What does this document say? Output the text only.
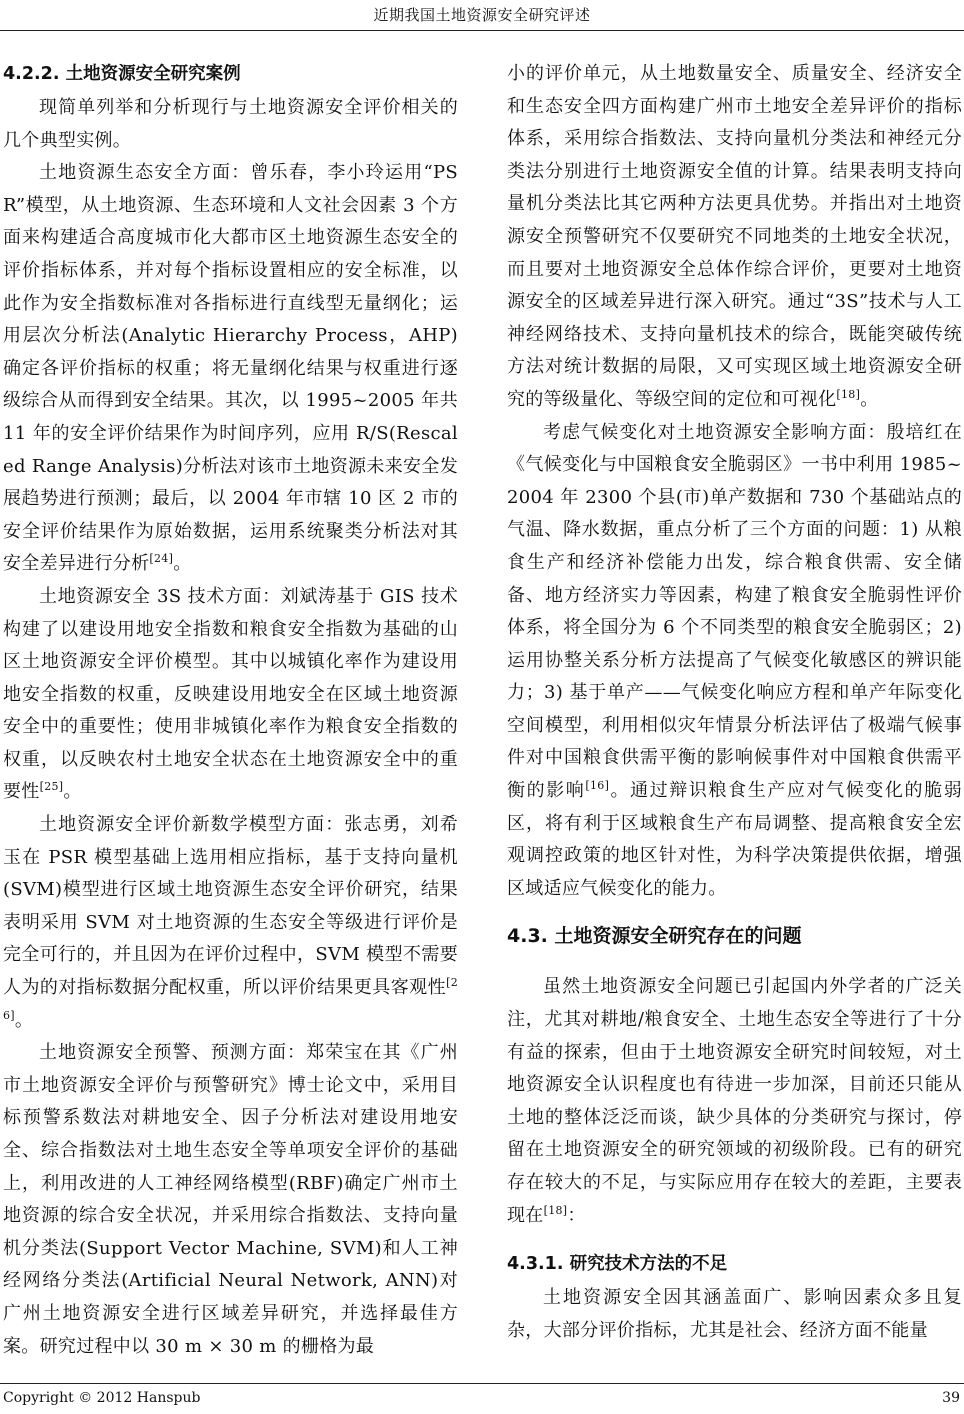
近期我国土地资源安全研究评述
4.2.2. 土地资源安全研究案例

现简单列举和分析现行与土地资源安全评价相关的几个典型实例。

土地资源生态安全方面：曾乐春，李小玲运用“PSR”模型，从土地资源、生态环境和人文社会因素 3 个方面来构建适合高度城市化大都市区土地资源生态安全的评价指标体系，并对每个指标设置相应的安全标准，以此作为安全指数标准对各指标进行直线型无量纲化；运用层次分析法(Analytic Hierarchy Process，AHP)确定各评价指标的权重；将无量纲化结果与权重进行逐级综合从而得到安全结果。其次，以 1995~2005 年共 11 年的安全评价结果作为时间序列，应用 R/S(Rescaled Range Analysis)分析法对该市土地资源未来安全发展趋势进行预测；最后，以 2004 年市辖 10 区 2 市的安全评价结果作为原始数据，运用系统聚类分析法对其安全差异进行分析[24]。

土地资源安全 3S 技术方面：刘斌涛基于 GIS 技术构建了以建设用地安全指数和粮食安全指数为基础的山区土地资源安全评价模型。其中以城镇化率作为建设用地安全指数的权重，反映建设用地安全在区域土地资源安全中的重要性；使用非城镇化率作为粮食安全指数的权重，以反映农村土地安全状态在土地资源安全中的重要性[25]。

土地资源安全评价新数学模型方面：张志勇，刘希玉在 PSR 模型基础上选用相应指标，基于支持向量机(SVM)模型进行区域土地资源生态安全评价研究，结果表明采用 SVM 对土地资源的生态安全等级进行评价是完全可行的，并且因为在评价过程中，SVM 模型不需要人为的对指标数据分配权重，所以评价结果更具客观性[26]。

土地资源安全预警、预测方面：郑荣宝在其《广州市土地资源安全评价与预警研究》博士论文中，采用目标预警系数法对耕地安全、因子分析法对建设用地安全、综合指数法对土地生态安全等单项安全评价的基础上，利用改进的人工神经网络模型(RBF)确定广州市土地资源的综合安全状况，并采用综合指数法、支持向量机分类法(Support Vector Machine, SVM)和人工神经网络分类法(Artificial Neural Network, ANN)对广州土地资源安全进行区域差异研究，并选择最佳方案。研究过程中以 30 m × 30 m 的栅格为最

小的评价单元，从土地数量安全、质量安全、经济安全和生态安全四方面构建广州市土地安全差异评价的指标体系，采用综合指数法、支持向量机分类法和神经元分类法分别进行土地资源安全值的计算。结果表明支持向量机分类法比其它两种方法更具优势。并指出对土地资源安全预警研究不仅要研究不同地类的土地安全状况，而且要对土地资源安全总体作综合评价，更要对土地资源安全的区域差异进行深入研究。通过“3S”技术与人工神经网络技术、支持向量机技术的综合，既能突破传统方法对统计数据的局限，又可实现区域土地资源安全研究的等级量化、等级空间的定位和可视化[18]。

考虑气候变化对土地资源安全影响方面：殷培红在《气候变化与中国粮食安全脆弱区》一书中利用 1985~2004 年 2300 个县(市)单产数据和 730 个基础站点的气温、降水数据，重点分析了三个方面的问题：1) 从粮食生产和经济补偿能力出发，综合粮食供需、安全储备、地方经济实力等因素，构建了粮食安全脆弱性评价体系，将全国分为 6 个不同类型的粮食安全脆弱区；2) 运用协整关系分析方法提高了气候变化敏感区的辨识能力；3) 基于单产——气候变化响应方程和单产年际变化空间模型，利用相似灾年情景分析法评估了极端气候事件对中国粮食供需平衡的影响候事件对中国粮食供需平衡的影响[16]。通过辩识粮食生产应对气候变化的脆弱区，将有利于区域粮食生产布局调整、提高粮食安全宏观调控政策的地区针对性，为科学决策提供依据，增强区域适应气候变化的能力。

4.3. 土地资源安全研究存在的问题

虽然土地资源安全问题已引起国内外学者的广泛关注，尤其对耕地/粮食安全、土地生态安全等进行了十分有益的探索，但由于土地资源安全研究时间较短，对土地资源安全认识程度也有待进一步加深，目前还只能从土地的整体泛泛而谈，缺少具体的分类研究与探讨，停留在土地资源安全的研究领域的初级阶段。已有的研究存在较大的不足，与实际应用存在较大的差距，主要表现在[18]：

4.3.1. 研究技术方法的不足

土地资源安全因其涵盖面广、影响因素众多且复杂，大部分评价指标，尤其是社会、经济方面不能量

Copyright © 2012 Hanspub	39
